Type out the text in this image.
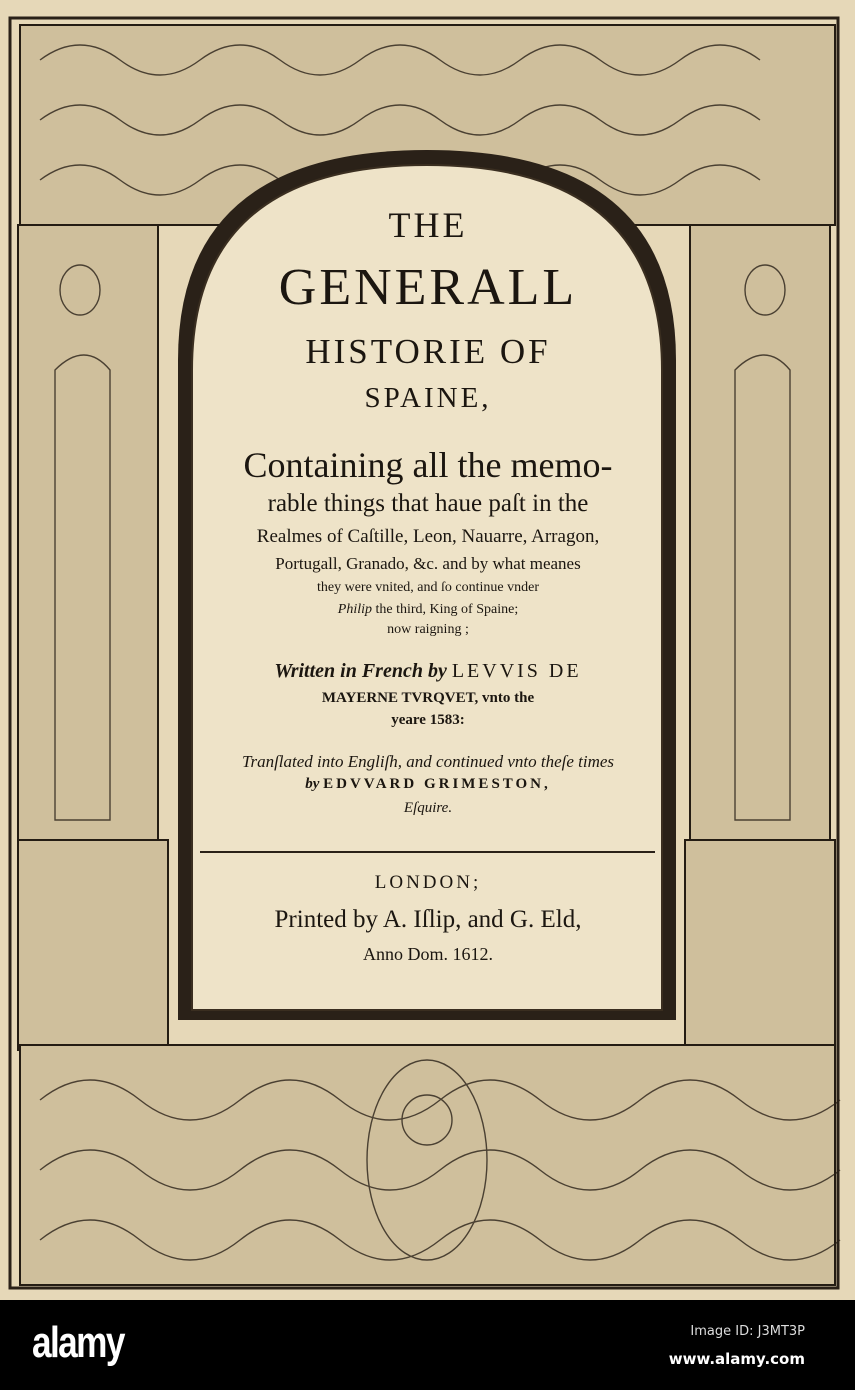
THE
GENERALL
HISTORIE OF
SPAINE,
Containing all the memo-
rable things that haue paſt in the
Realmes of Caſtille, Leon, Nauarre, Arragon,
Portugall, Granado, &c. and by what meanes
they were vnited, and ſo continue vnder
Philip the third, King of Spaine;
now raigning ;
Written in French by LEVVIS DE
MAYERNE TVRQVET, vnto the
yeare 1583:
Tranſlated into Engliſh, and continued vnto theſe times
by EDVVARD GRIMESTON,
Eſquire.
LONDON;
Printed by A. Iſlip, and G. Eld,
Anno Dom. 1612.
alamy	Image ID: J3MT3P
www.alamy.com
